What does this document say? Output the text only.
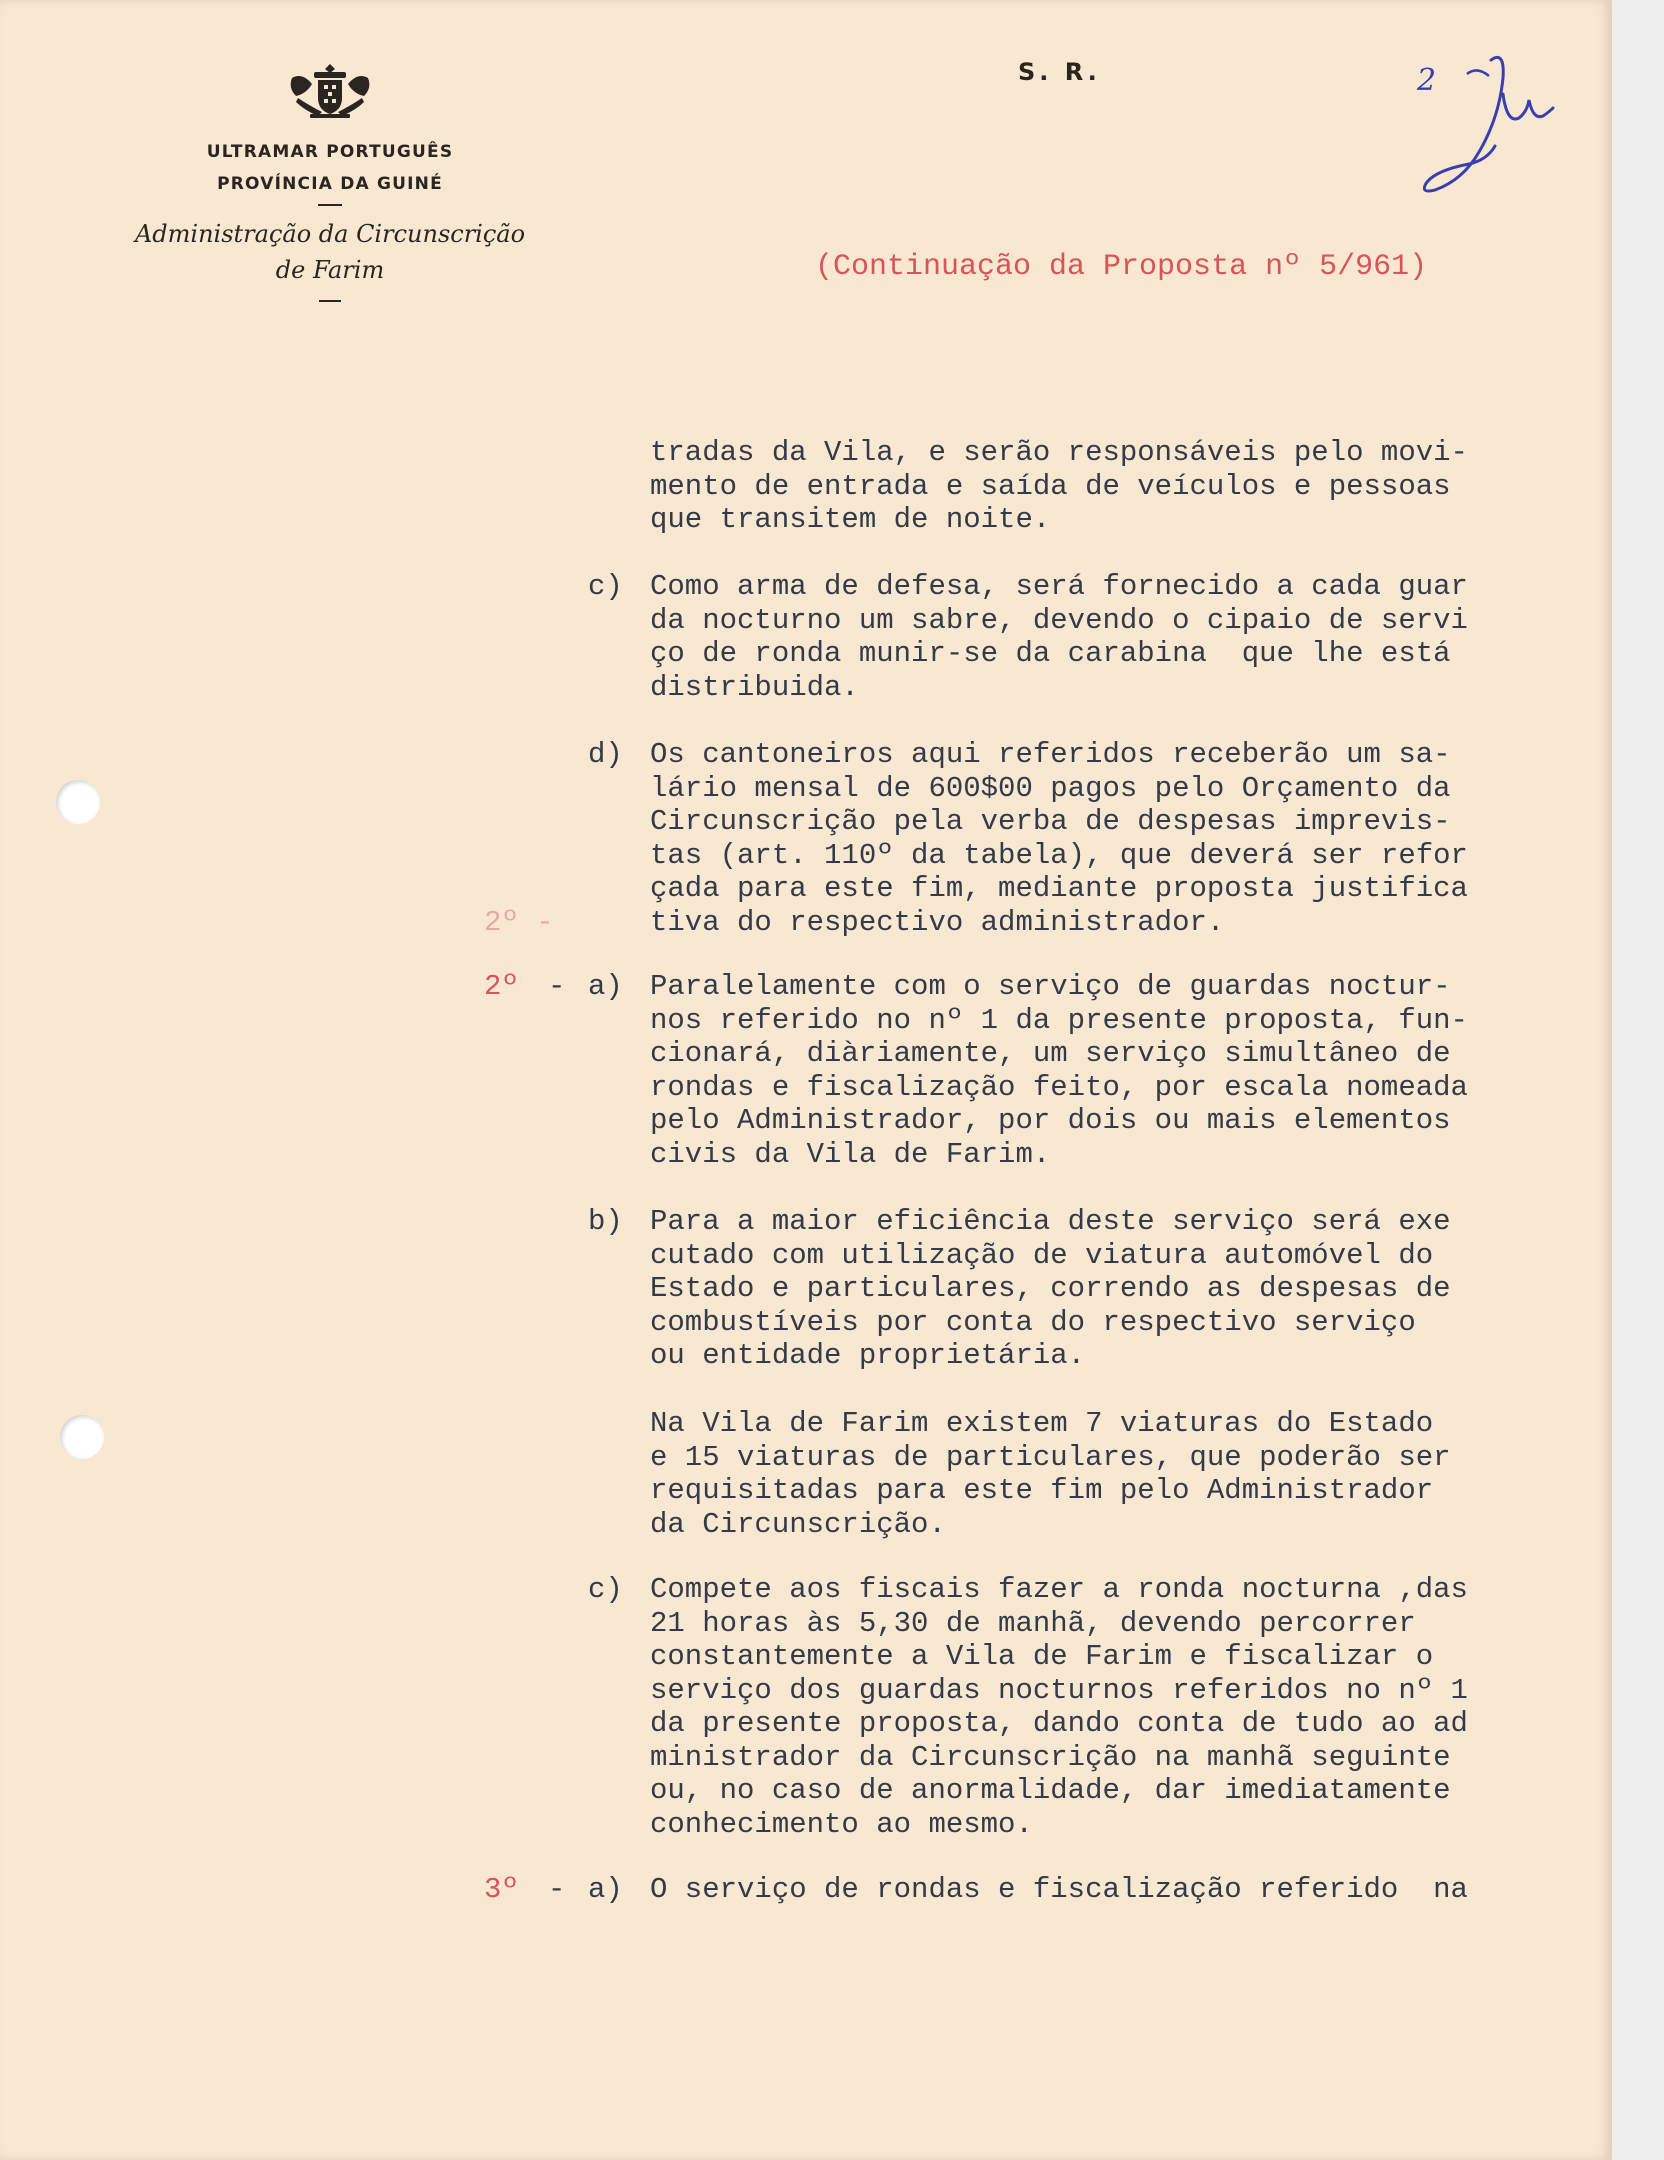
ULTRAMAR PORTUGUÊS
PROVÍNCIA DA GUINÉ
Administração da Circunscrição
de Farim
S. R.	2
(Continuação da Proposta nº 5/961)
tradas da Vila, e serão responsáveis pelo movi-
mento de entrada e saída de veículos e pessoas
que transitem de noite.
Como arma de defesa, será fornecido a cada guar
da nocturno um sabre, devendo o cipaio de servi
ço de ronda munir-se da carabina  que lhe está
distribuida.
c)
Os cantoneiros aqui referidos receberão um sa-
lário mensal de 600$00 pagos pelo Orçamento da
Circunscrição pela verba de despesas imprevis-
tas (art. 110º da tabela), que deverá ser refor
çada para este fim, mediante proposta justifica
tiva do respectivo administrador.
d)
2º -
Paralelamente com o serviço de guardas noctur-
nos referido no nº 1 da presente proposta, fun-
cionará, diàriamente, um serviço simultâneo de
rondas e fiscalização feito, por escala nomeada
pelo Administrador, por dois ou mais elementos
civis da Vila de Farim.
a)
2º -
Para a maior eficiência deste serviço será exe
cutado com utilização de viatura automóvel do
Estado e particulares, correndo as despesas de
combustíveis por conta do respectivo serviço
ou entidade proprietária.
b)
Na Vila de Farim existem 7 viaturas do Estado
e 15 viaturas de particulares, que poderão ser
requisitadas para este fim pelo Administrador
da Circunscrição.
Compete aos fiscais fazer a ronda nocturna ,das
21 horas às 5,30 de manhã, devendo percorrer
constantemente a Vila de Farim e fiscalizar o
serviço dos guardas nocturnos referidos no nº 1
da presente proposta, dando conta de tudo ao ad
ministrador da Circunscrição na manhã seguinte
ou, no caso de anormalidade, dar imediatamente
conhecimento ao mesmo.
c)
O serviço de rondas e fiscalização referido  na
a)
3º -
